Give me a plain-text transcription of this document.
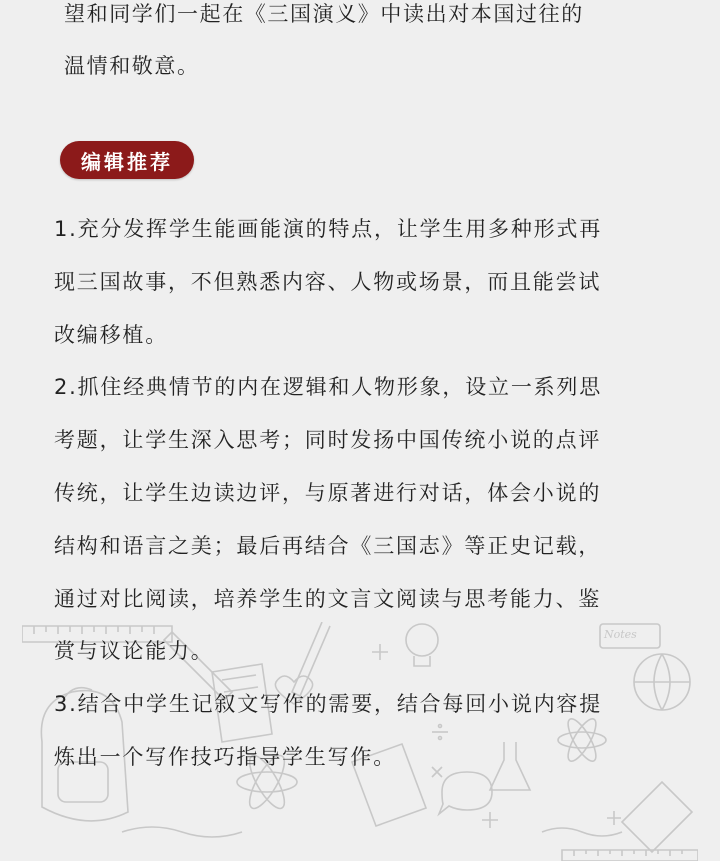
望和同学们一起在《三国演义》中读出对本国过往的
温情和敬意。
编辑推荐
Notes
1.充分发挥学生能画能演的特点，让学生用多种形式再
现三国故事，不但熟悉内容、人物或场景，而且能尝试
改编移植。
2.抓住经典情节的内在逻辑和人物形象，设立一系列思
考题，让学生深入思考；同时发扬中国传统小说的点评
传统，让学生边读边评，与原著进行对话，体会小说的
结构和语言之美；最后再结合《三国志》等正史记载，
通过对比阅读，培养学生的文言文阅读与思考能力、鉴
赏与议论能力。
3.结合中学生记叙文写作的需要，结合每回小说内容提
炼出一个写作技巧指导学生写作。
